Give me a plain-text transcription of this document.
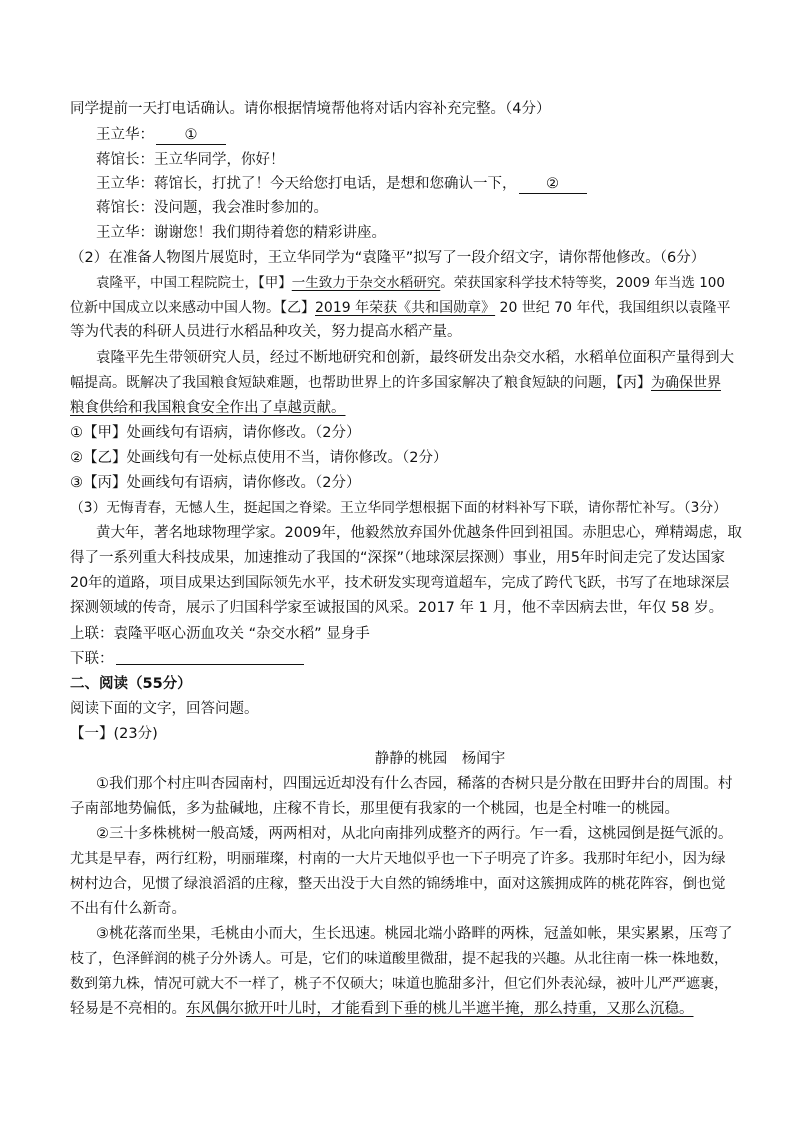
同学提前一天打电话确认。请你根据情境帮他将对话内容补充完整。（4分）
王立华： ①
蒋馆长：王立华同学，你好！
王立华：蒋馆长，打扰了！今天给您打电话，是想和您确认一下， ②
蒋馆长：没问题，我会准时参加的。
王立华：谢谢您！我们期待着您的精彩讲座。
（2）在准备人物图片展览时，王立华同学为“袁隆平”拟写了一段介绍文字，请你帮他修改。（6分）
袁隆平，中国工程院院士，【甲】一生致力于杂交水稻研究。荣获国家科学技术特等奖，2009 年当选 100
位新中国成立以来感动中国人物。【乙】2019 年荣获《共和国勋章》 20 世纪 70 年代，我国组织以袁隆平
等为代表的科研人员进行水稻品种攻关，努力提高水稻产量。
袁隆平先生带领研究人员，经过不断地研究和创新，最终研发出杂交水稻，水稻单位面积产量得到大
幅提高。既解决了我国粮食短缺难题，也帮助世界上的许多国家解决了粮食短缺的问题，【丙】为确保世界
粮食供给和我国粮食安全作出了卓越贡献。
①【甲】处画线句有语病，请你修改。（2分）
②【乙】处画线句有一处标点使用不当，请你修改。（2分）
③【丙】处画线句有语病，请你修改。（2分）
（3）无悔青春，无憾人生，挺起国之脊梁。王立华同学想根据下面的材料补写下联，请你帮忙补写。（3分）
黄大年，著名地球物理学家。2009年，他毅然放弃国外优越条件回到祖国。赤胆忠心，殚精竭虑，取
得了一系列重大科技成果，加速推动了我国的“深探”（地球深层探测）事业，用5年时间走完了发达国家
20年的道路，项目成果达到国际领先水平，技术研发实现弯道超车，完成了跨代飞跃，书写了在地球深层
探测领域的传奇，展示了归国科学家至诚报国的风采。2017 年 1 月，他不幸因病去世，年仅 58 岁。
上联：袁隆平呕心沥血攻关 “杂交水稻” 显身手
下联：
二、阅读（55分）
阅读下面的文字，回答问题。
【一】(23分)
静静的桃园　杨闻宇
①我们那个村庄叫杏园南村，四围远近却没有什么杏园，稀落的杏树只是分散在田野井台的周围。村
子南部地势偏低，多为盐碱地，庄稼不肯长，那里便有我家的一个桃园，也是全村唯一的桃园。
②三十多株桃树一般高矮，两两相对，从北向南排列成整齐的两行。乍一看，这桃园倒是挺气派的。
尤其是早春，两行红粉，明丽璀璨，村南的一大片天地似乎也一下子明亮了许多。我那时年纪小，因为绿
树村边合，见惯了绿浪滔滔的庄稼，整天出没于大自然的锦绣堆中，面对这簇拥成阵的桃花阵容，倒也觉
不出有什么新奇。
③桃花落而坐果，毛桃由小而大，生长迅速。桃园北端小路畔的两株，冠盖如帐，果实累累，压弯了
枝了，色泽鲜润的桃子分外诱人。可是，它们的味道酸里微甜，提不起我的兴趣。从北往南一株一株地数，
数到第九株，情况可就大不一样了，桃子不仅硕大；味道也脆甜多汁，但它们外表沁绿，被叶儿严严遮裹，
轻易是不亮相的。东风偶尔掀开叶儿时，才能看到下垂的桃儿半遮半掩，那么持重，又那么沉稳。
